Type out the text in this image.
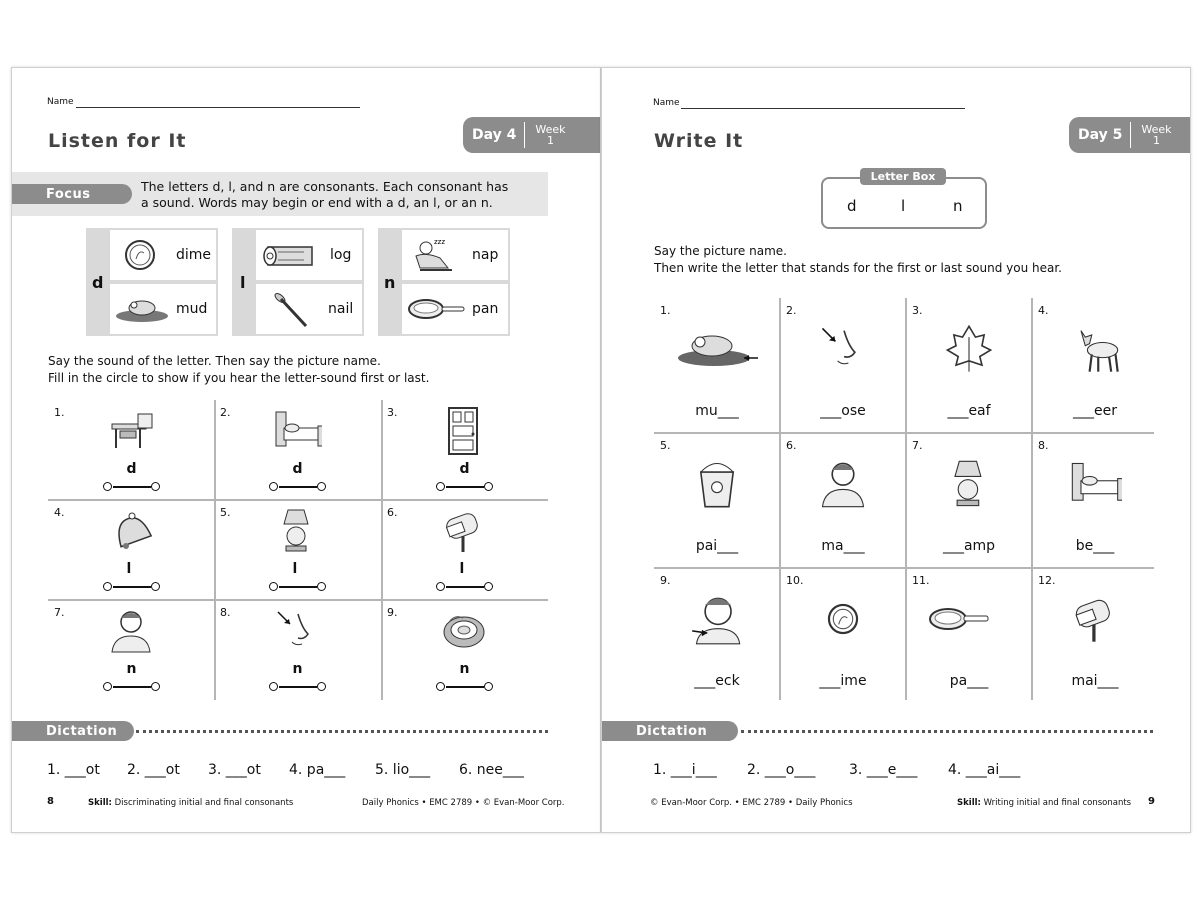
Name
Listen for It	Day 4	Week
1
Focus	The letters d, l, and n are consonants. Each consonant has
a sound. Words may begin or end with a d, an l, or an n.
d
dime
mud
l
log
nail
n
zzz
nap
pan
Say the sound of the letter. Then say the picture name.
Fill in the circle to show if you hear the letter-sound first or last.
1.
d
2.
d
3.
d
4.
l
5.
l
6.
l
7.
n
8.
n
9.
n
Dictation
1. ___ot 2. ___ot 3. ___ot 4. pa___ 5. lio___ 6. nee___
8	Skill: Discriminating initial and final consonants	Daily Phonics • EMC 2789 • © Evan-Moor Corp.
Name
Write It	Day 5	Week
1
d	l	n
Letter Box
Say the picture name.
Then write the letter that stands for the first or last sound you hear.
1.
mu___
2.
___ose
3.
___eaf
4.
___eer
5.
pai___
6.
ma___
7.
___amp
8.
be___
9.
___eck
10.
___ime
11.
pa___
12.
mai___
Dictation
1. ___i___ 2. ___o___ 3. ___e___ 4. ___ai___
© Evan-Moor Corp. • EMC 2789 • Daily Phonics	Skill: Writing initial and final consonants 9
